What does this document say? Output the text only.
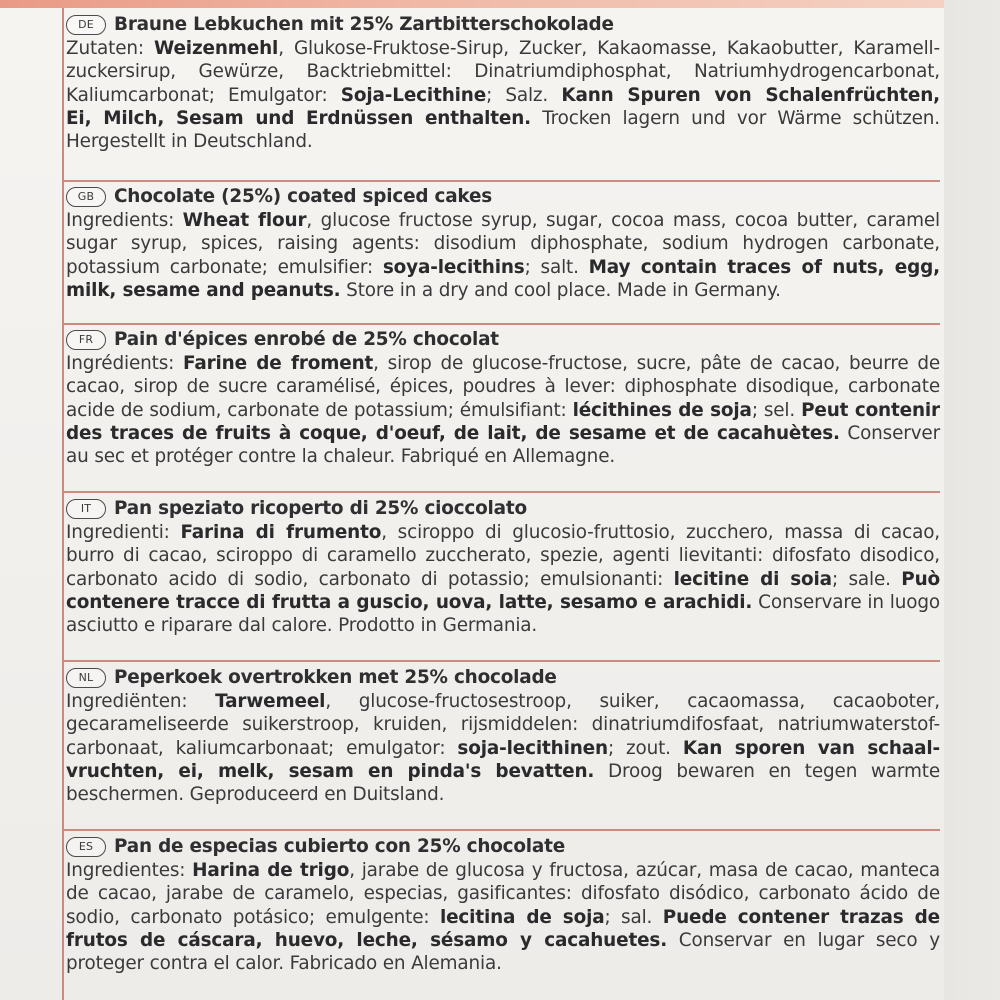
DE	Braune Lebkuchen mit 25% Zartbitterschokolade
Zutaten: Weizenmehl, Glukose-Fruktose-Sirup, Zucker, Kakaomasse, Kakaobutter, Karamell-
zuckersirup, Gewürze, Backtriebmittel: Dinatriumdiphosphat, Natriumhydrogencarbonat,
Kaliumcarbonat; Emulgator: Soja-Lecithine; Salz. Kann Spuren von Schalenfrüchten,
Ei, Milch, Sesam und Erdnüssen enthalten. Trocken lagern und vor Wärme schützen.
Hergestellt in Deutschland.
GB	Chocolate (25%) coated spiced cakes
Ingredients: Wheat flour, glucose fructose syrup, sugar, cocoa mass, cocoa butter, caramel
sugar syrup, spices, raising agents: disodium diphosphate, sodium hydrogen carbonate,
potassium carbonate; emulsifier: soya-lecithins; salt. May contain traces of nuts, egg,
milk, sesame and peanuts. Store in a dry and cool place. Made in Germany.
FR	Pain d'épices enrobé de 25% chocolat
Ingrédients: Farine de froment, sirop de glucose-fructose, sucre, pâte de cacao, beurre de
cacao, sirop de sucre caramélisé, épices, poudres à lever: diphosphate disodique, carbonate
acide de sodium, carbonate de potassium; émulsifiant: lécithines de soja; sel. Peut contenir
des traces de fruits à coque, d'oeuf, de lait, de sesame et de cacahuètes. Conserver
au sec et protéger contre la chaleur. Fabriqué en Allemagne.
IT	Pan speziato ricoperto di 25% cioccolato
Ingredienti: Farina di frumento, sciroppo di glucosio-fruttosio, zucchero, massa di cacao,
burro di cacao, sciroppo di caramello zuccherato, spezie, agenti lievitanti: difosfato disodico,
carbonato acido di sodio, carbonato di potassio; emulsionanti: lecitine di soia; sale. Può
contenere tracce di frutta a guscio, uova, latte, sesamo e arachidi. Conservare in luogo
asciutto e riparare dal calore. Prodotto in Germania.
NL	Peperkoek overtrokken met 25% chocolade
Ingrediënten: Tarwemeel, glucose-fructosestroop, suiker, cacaomassa, cacaoboter,
gecarameliseerde suikerstroop, kruiden, rijsmiddelen: dinatriumdifosfaat, natriumwaterstof-
carbonaat, kaliumcarbonaat; emulgator: soja-lecithinen; zout. Kan sporen van schaal-
vruchten, ei, melk, sesam en pinda's bevatten. Droog bewaren en tegen warmte
beschermen. Geproduceerd en Duitsland.
ES	Pan de especias cubierto con 25% chocolate
Ingredientes: Harina de trigo, jarabe de glucosa y fructosa, azúcar, masa de cacao, manteca
de cacao, jarabe de caramelo, especias, gasificantes: difosfato disódico, carbonato ácido de
sodio, carbonato potásico; emulgente: lecitina de soja; sal. Puede contener trazas de
frutos de cáscara, huevo, leche, sésamo y cacahuetes. Conservar en lugar seco y
proteger contra el calor. Fabricado en Alemania.
